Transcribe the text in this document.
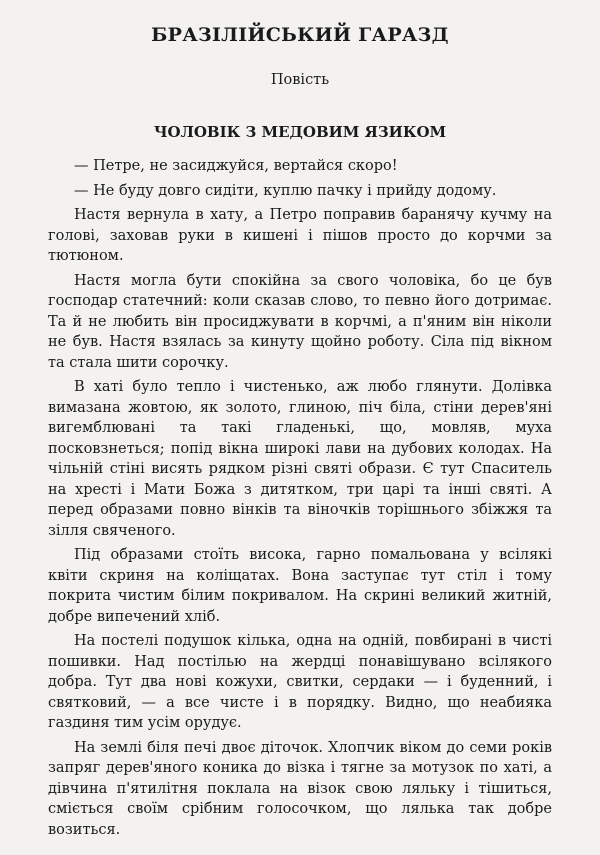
БРАЗІЛІЙСЬКИЙ ГАРАЗД
Повість
ЧОЛОВІК З МЕДОВИМ ЯЗИКОМ

— Петре, не засиджуйся, вертайся скоро!

— Не буду довго сидіти, куплю пачку і прийду додому.

Настя вернула в хату, а Петро поправив баранячу кучму на голові, заховав руки в кишені і пішов просто до корчми за тютюном.

Настя могла бути спокійна за свого чоловіка, бо це був господар статечний: коли сказав слово, то певно його дотримає. Та й не любить він просиджувати в корчмі, а п'яним він ніколи не був. Настя взялась за кинуту щойно роботу. Сіла під вікном та стала шити сорочку.

В хаті було тепло і чистенько, аж любо глянути. Долівка вимазана жовтою, як золото, глиною, піч біла, стіни дерев'яні вигемблювані та такі гладенькі, що, мовляв, муха посковзнеться; попід вікна широкі лави на дубових колодах. На чільній стіні висять рядком різні святі образи. Є тут Спаситель на хресті і Мати Божа з дитятком, три царі та інші святі. А перед образами повно вінків та віночків торішнього збіжжя та зілля свяченого.

Під образами стоїть висока, гарно помальована у всілякі квіти скриня на коліщатах. Вона заступає тут стіл і тому покрита чистим білим покривалом. На скрині великий житній, добре випечений хліб.

На постелі подушок кілька, одна на одній, повбирані в чисті пошивки. Над постілью на жердці понавішувано всілякого добра. Тут два нові кожухи, свитки, сердаки — і буденний, і святковий, — а все чисте і в порядку. Видно, що неабияка газдиня тим усім орудує.

На землі біля печі двоє діточок. Хлопчик віком до семи років запряг дерев'яного коника до візка і тягне за мотузок по хаті, а дівчина п'ятилітня поклала на візок свою ляльку і тішиться, сміється своїм срібним голосочком, що лялька так добре возиться.
